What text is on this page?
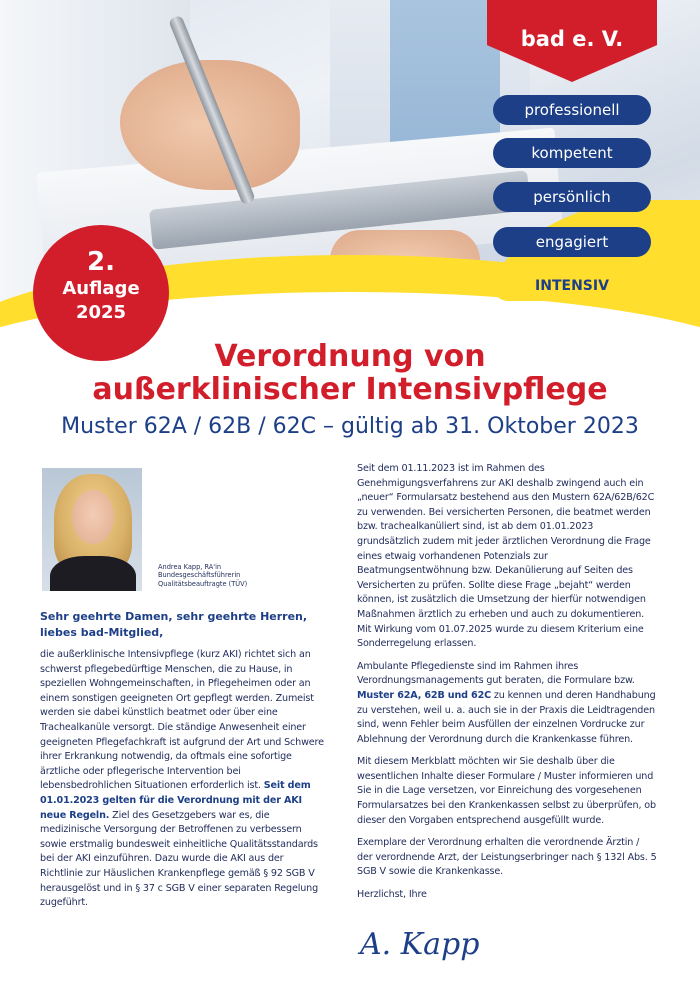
bad e. V.
professionell
kompetent
persönlich
engagiert
INTENSIV
2.
Auflage
2025
Verordnung von
außerklinischer Intensivpflege
Muster 62A / 62B / 62C – gültig ab 31. Oktober 2023
Andrea Kapp, RA'in
Bundesgeschäftsführerin
Qualitätsbeauftragte (TÜV)
Sehr geehrte Damen, sehr geehrte Herren,
liebes bad-Mitglied,

die außerklinische Intensivpflege (kurz AKI) richtet sich an schwerst pflegebedürftige Menschen, die zu Hause, in speziellen Wohngemeinschaften, in Pflegeheimen oder an einem sonstigen geeigneten Ort gepflegt werden. Zumeist werden sie dabei künstlich beatmet oder über eine Trachealkanüle versorgt. Die ständige Anwesenheit einer geeigneten Pflegefachkraft ist aufgrund der Art und Schwere ihrer Erkrankung notwendig, da oftmals eine sofortige ärztliche oder pflegerische Intervention bei lebensbedrohlichen Situationen erforderlich ist. Seit dem 01.01.2023 gelten für die Verordnung mit der AKI neue Regeln. Ziel des Gesetzgebers war es, die medizinische Versorgung der Betroffenen zu verbessern sowie erstmalig bundesweit einheitliche Qualitätsstandards bei der AKI einzuführen. Dazu wurde die AKI aus der Richtlinie zur Häuslichen Krankenpflege gemäß § 92 SGB V herausgelöst und in § 37 c SGB V einer separaten Regelung zugeführt.

Seit dem 01.11.2023 ist im Rahmen des Genehmigungsverfahrens zur AKI deshalb zwingend auch ein „neuer“ Formularsatz bestehend aus den Mustern 62A/62B/62C zu verwenden. Bei versicherten Personen, die beatmet werden bzw. trachealkanüliert sind, ist ab dem 01.01.2023 grundsätzlich zudem mit jeder ärztlichen Verordnung die Frage eines etwaig vorhandenen Potenzials zur Beatmungsentwöhnung bzw. Dekanülierung auf Seiten des Versicherten zu prüfen. Sollte diese Frage „bejaht“ werden können, ist zusätzlich die Umsetzung der hierfür notwendigen Maßnahmen ärztlich zu erheben und auch zu dokumentieren. Mit Wirkung vom 01.07.2025 wurde zu diesem Kriterium eine Sonderregelung erlassen.

Ambulante Pflegedienste sind im Rahmen ihres Verordnungsmanagements gut beraten, die Formulare bzw. Muster 62A, 62B und 62C zu kennen und deren Handhabung zu verstehen, weil u. a. auch sie in der Praxis die Leidtragenden sind, wenn Fehler beim Ausfüllen der einzelnen Vordrucke zur Ablehnung der Verordnung durch die Krankenkasse führen.

Mit diesem Merkblatt möchten wir Sie deshalb über die wesentlichen Inhalte dieser Formulare / Muster informieren und Sie in die Lage versetzen, vor Einreichung des vorgesehenen Formularsatzes bei den Krankenkassen selbst zu überprüfen, ob dieser den Vorgaben entsprechend ausgefüllt wurde.

Exemplare der Verordnung erhalten die verordnende Ärztin / der verordnende Arzt, der Leistungserbringer nach § 132l Abs. 5 SGB V sowie die Krankenkasse.

Herzlichst, Ihre

A. Kapp
